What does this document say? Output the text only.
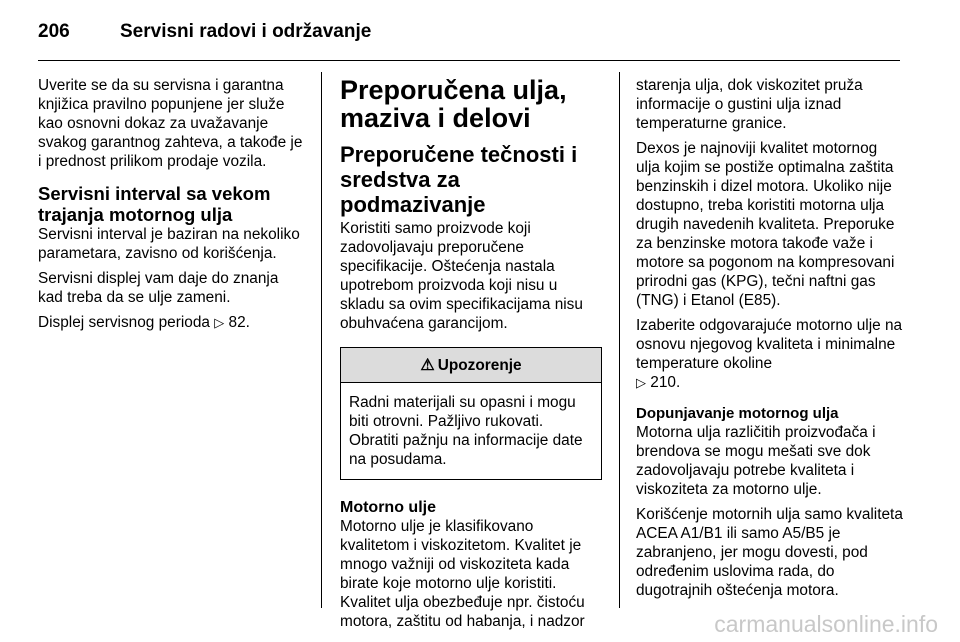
206	Servisni radovi i održavanje

Uverite se da su servisna i garantna knjižica pravilno popunjene jer služe kao osnovni dokaz za uvažavanje svakog garantnog zahteva, a takođe je i prednost prilikom prodaje vozila.

Servisni interval sa vekom trajanja motornog ulja

Servisni interval je baziran na nekoliko parametara, zavisno od korišćenja.

Servisni displej vam daje do znanja kad treba da se ulje zameni.

Displej servisnog perioda ▷ 82.

Preporučena ulja, maziva i delovi
Preporučene tečnosti i sredstva za podmazivanje

Koristiti samo proizvode koji zadovoljavaju preporučene specifikacije. Oštećenja nastala upotrebom proizvoda koji nisu u skladu sa ovim specifikacijama nisu obuhvaćena garancijom.

⚠ Upozorenje
Radni materijali su opasni i mogu biti otrovni. Pažljivo rukovati. Obratiti pažnju na informacije date na posudama.
Motorno ulje

Motorno ulje je klasifikovano kvalitetom i viskozitetom. Kvalitet je mnogo važniji od viskoziteta kada birate koje motorno ulje koristiti. Kvalitet ulja obezbeđuje npr. čistoću motora, zaštitu od habanja, i nadzor

starenja ulja, dok viskozitet pruža informacije o gustini ulja iznad temperaturne granice.

Dexos je najnoviji kvalitet motornog ulja kojim se postiže optimalna zaštita benzinskih i dizel motora. Ukoliko nije dostupno, treba koristiti motorna ulja drugih navedenih kvaliteta. Preporuke za benzinske motora takođe važe i motore sa pogonom na kompresovani prirodni gas (KPG), tečni naftni gas (TNG) i Etanol (E85).

Izaberite odgovarajuće motorno ulje na osnovu njegovog kvaliteta i minimalne temperature okoline
▷ 210.

Dopunjavanje motornog ulja

Motorna ulja različitih proizvođača i brendova se mogu mešati sve dok zadovoljavaju potrebe kvaliteta i viskoziteta za motorno ulje.

Korišćenje motornih ulja samo kvaliteta ACEA A1/B1 ili samo A5/B5 je zabranjeno, jer mogu dovesti, pod određenim uslovima rada, do dugotrajnih oštećenja motora.

carmanualsonline.info
